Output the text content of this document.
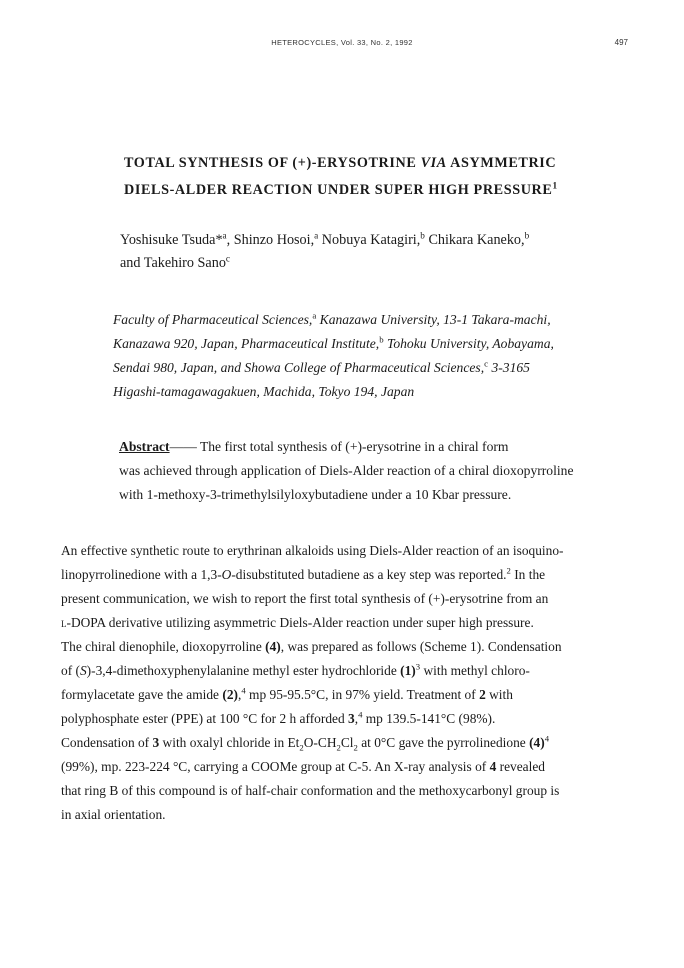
HETEROCYCLES, Vol. 33, No. 2, 1992	497
TOTAL SYNTHESIS OF (+)-ERYSOTRINE VIA ASYMMETRIC
DIELS-ALDER REACTION UNDER SUPER HIGH PRESSURE$^1$
Yoshisuke Tsuda*$^a$, Shinzo Hosoi,$^a$ Nobuya Katagiri,$^b$ Chikara Kaneko,$^b$
and Takehiro Sano$^c$
Faculty of Pharmaceutical Sciences,$^a$ Kanazawa University, 13-1 Takara-machi,
Kanazawa 920, Japan, Pharmaceutical Institute,$^b$ Tohoku University, Aobayama,
Sendai 980, Japan, and Showa College of Pharmaceutical Sciences,$^c$ 3-3165
Higashi-tamagawagakuen, Machida, Tokyo 194, Japan
Abstract—— The first total synthesis of (+)-erysotrine in a chiral form
was achieved through application of Diels-Alder reaction of a chiral dioxopyrroline
with 1-methoxy-3-trimethylsilyloxybutadiene under a 10 Kbar pressure.
An effective synthetic route to erythrinan alkaloids using Diels-Alder reaction of an isoquino-
linopyrrolinedione with a 1,3-O-disubstituted butadiene as a key step was reported.$^2$ In the
present communication, we wish to report the first total synthesis of (+)-erysotrine from an
l-DOPA derivative utilizing asymmetric Diels-Alder reaction under super high pressure.
The chiral dienophile, dioxopyrroline (4), was prepared as follows (Scheme 1). Condensation
of (S)-3,4-dimethoxyphenylalanine methyl ester hydrochloride $(1)^3$ with methyl chloro-
formylacetate gave the amide (2),$^4$ mp 95-95.5°C, in 97% yield. Treatment of 2 with
polyphosphate ester (PPE) at 100 °C for 2 h afforded 3,$^4$ mp 139.5-141°C (98%).
Condensation of 3 with oxalyl chloride in $Et_2O-CH_2Cl_2$ at 0°C gave the pyrrolinedione $(4)^4$
(99%), mp. 223-224 °C, carrying a COOMe group at C-5. An X-ray analysis of 4 revealed
that ring B of this compound is of half-chair conformation and the methoxycarbonyl group is
in axial orientation.
